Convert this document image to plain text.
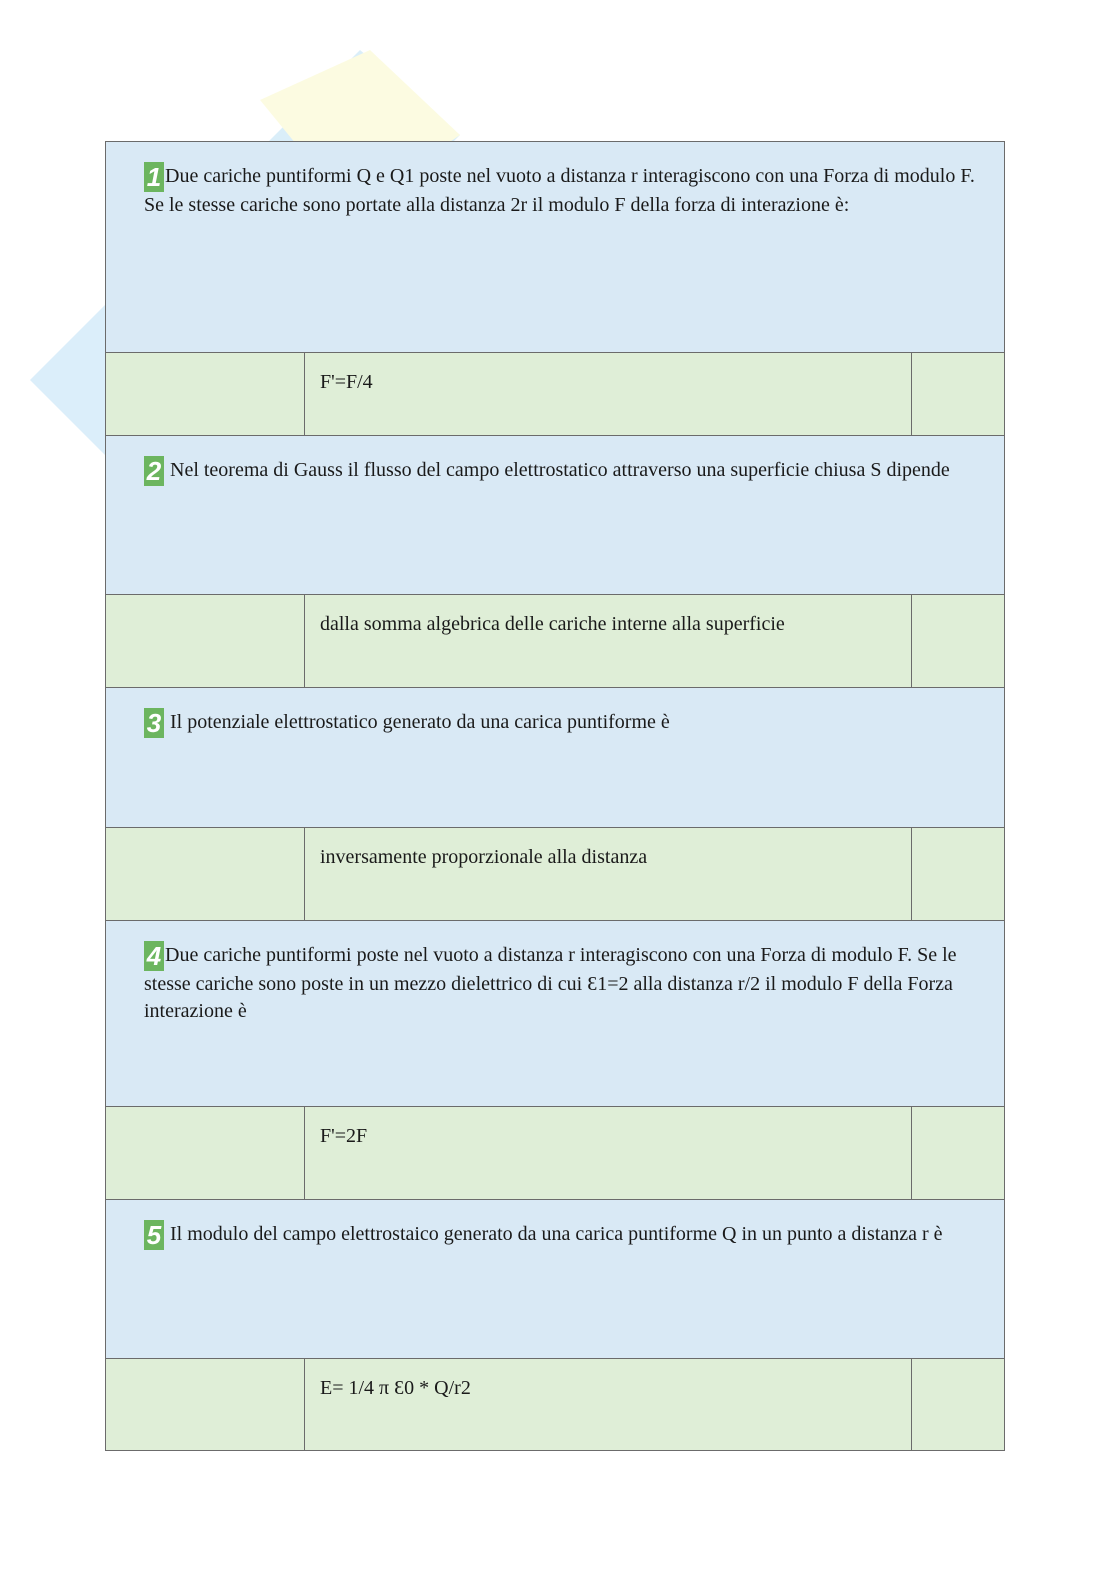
1 Due cariche puntiformi Q e Q1 poste nel vuoto a distanza r interagiscono con una Forza di modulo F. Se le stesse cariche sono portate alla distanza 2r il modulo F della forza di interazione è:
F'=F/4
2 Nel teorema di Gauss il flusso del campo elettrostatico attraverso una superficie chiusa S dipende
dalla somma algebrica delle cariche interne alla superficie
3 Il potenziale elettrostatico generato da una carica puntiforme è
inversamente proporzionale alla distanza
4 Due cariche puntiformi poste nel vuoto a distanza r interagiscono con una Forza di modulo F. Se le stesse cariche sono poste in un mezzo dielettrico di cui Ɛ1=2 alla distanza r/2 il modulo F della Forza interazione è
F'=2F
5 Il modulo del campo elettrostaico generato da una carica puntiforme Q in un punto a distanza r è
E= 1/4 π Ɛ0 * Q/r2
